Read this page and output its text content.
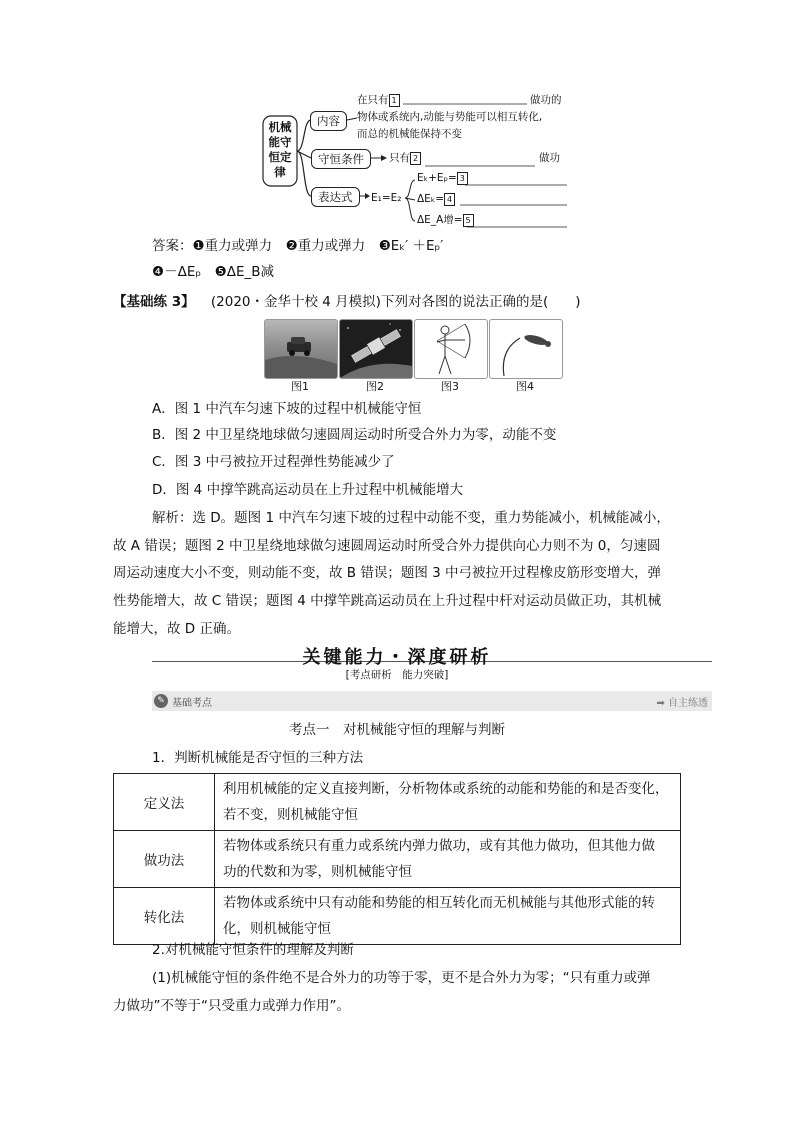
机械能守恒定律
内容
守恒条件
表达式
在只有 1	做功的
物体或系统内,动能与势能可以相互转化,
而总的机械能保持不变
只有 2	做功
E₁=E₂
Eₖ+Eₚ= 3
ΔEₖ= 4
ΔE_A增= 5
答案：❶重力或弹力　❷重力或弹力　❸Eₖ′ ＋Eₚ′
❹－ΔEₚ　❺ΔE_B减
【基础练 3】 (2020・金华十校 4 月模拟)下列对各图的说法正确的是(　　)
图1	图2	图3	图4
A．图 1 中汽车匀速下坡的过程中机械能守恒
B．图 2 中卫星绕地球做匀速圆周运动时所受合外力为零，动能不变
C．图 3 中弓被拉开过程弹性势能减少了
D．图 4 中撑竿跳高运动员在上升过程中机械能增大
解析：选 D。题图 1 中汽车匀速下坡的过程中动能不变，重力势能减小，机械能减小，
故 A 错误；题图 2 中卫星绕地球做匀速圆周运动时所受合外力提供向心力则不为 0，匀速圆
周运动速度大小不变，则动能不变，故 B 错误；题图 3 中弓被拉开过程橡皮筋形变增大，弹
性势能增大，故 C 错误；题图 4 中撑竿跳高运动员在上升过程中杆对运动员做正功，其机械
能增大，故 D 正确。
关键能力・深度研析
[考点研析　能力突破]
✎ 基础考点	➡ 自主练透
考点一　对机械能守恒的理解与判断
1．判断机械能是否守恒的三种方法
定义法	利用机械能的定义直接判断，分析物体或系统的动能和势能的和是否变化，
若不变，则机械能守恒

做功法	若物体或系统只有重力或系统内弹力做功，或有其他力做功，但其他力做
功的代数和为零，则机械能守恒

转化法	若物体或系统中只有动能和势能的相互转化而无机械能与其他形式能的转
化，则机械能守恒
2.对机械能守恒条件的理解及判断
(1)机械能守恒的条件绝不是合外力的功等于零，更不是合外力为零；“只有重力或弹
力做功”不等于“只受重力或弹力作用”。
